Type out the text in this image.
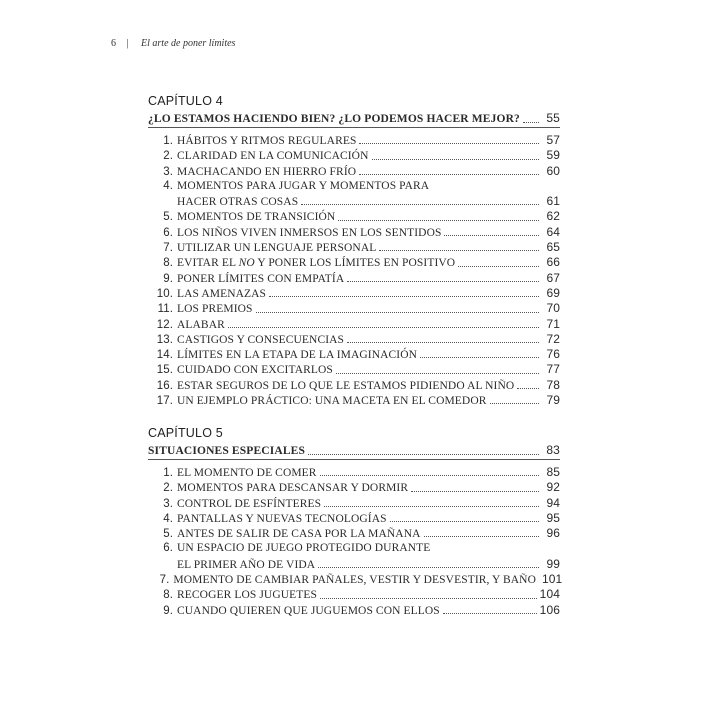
6 | El arte de poner límites
CAPÍTULO 4
¿LO ESTAMOS HACIENDO BIEN? ¿LO PODEMOS HACER MEJOR?	55
1. HÁBITOS Y RITMOS REGULARES	57
2. CLARIDAD EN LA COMUNICACIÓN	59
3. MACHACANDO EN HIERRO FRÍO	60
4. MOMENTOS PARA JUGAR Y MOMENTOS PARA
HACER OTRAS COSAS	61
5. MOMENTOS DE TRANSICIÓN	62
6. LOS NIÑOS VIVEN INMERSOS EN LOS SENTIDOS	64
7. UTILIZAR UN LENGUAJE PERSONAL	65
8. EVITAR EL NO Y PONER LOS LÍMITES EN POSITIVO	66
9. PONER LÍMITES CON EMPATÍA	67
10. LAS AMENAZAS	69
11. LOS PREMIOS	70
12. ALABAR	71
13. CASTIGOS Y CONSECUENCIAS	72
14. LÍMITES EN LA ETAPA DE LA IMAGINACIÓN	76
15. CUIDADO CON EXCITARLOS	77
16. ESTAR SEGUROS DE LO QUE LE ESTAMOS PIDIENDO AL NIÑO	78
17. UN EJEMPLO PRÁCTICO: UNA MACETA EN EL COMEDOR	79
CAPÍTULO 5
SITUACIONES ESPECIALES	83
1. EL MOMENTO DE COMER	85
2. MOMENTOS PARA DESCANSAR Y DORMIR	92
3. CONTROL DE ESFÍNTERES	94
4. PANTALLAS Y NUEVAS TECNOLOGÍAS	95
5. ANTES DE SALIR DE CASA POR LA MAÑANA	96
6. UN ESPACIO DE JUEGO PROTEGIDO DURANTE
EL PRIMER AÑO DE VIDA	99
7. MOMENTO DE CAMBIAR PAÑALES, VESTIR Y DESVESTIR, Y BAÑO 101
8. RECOGER LOS JUGUETES	104
9. CUANDO QUIEREN QUE JUGUEMOS CON ELLOS	106
